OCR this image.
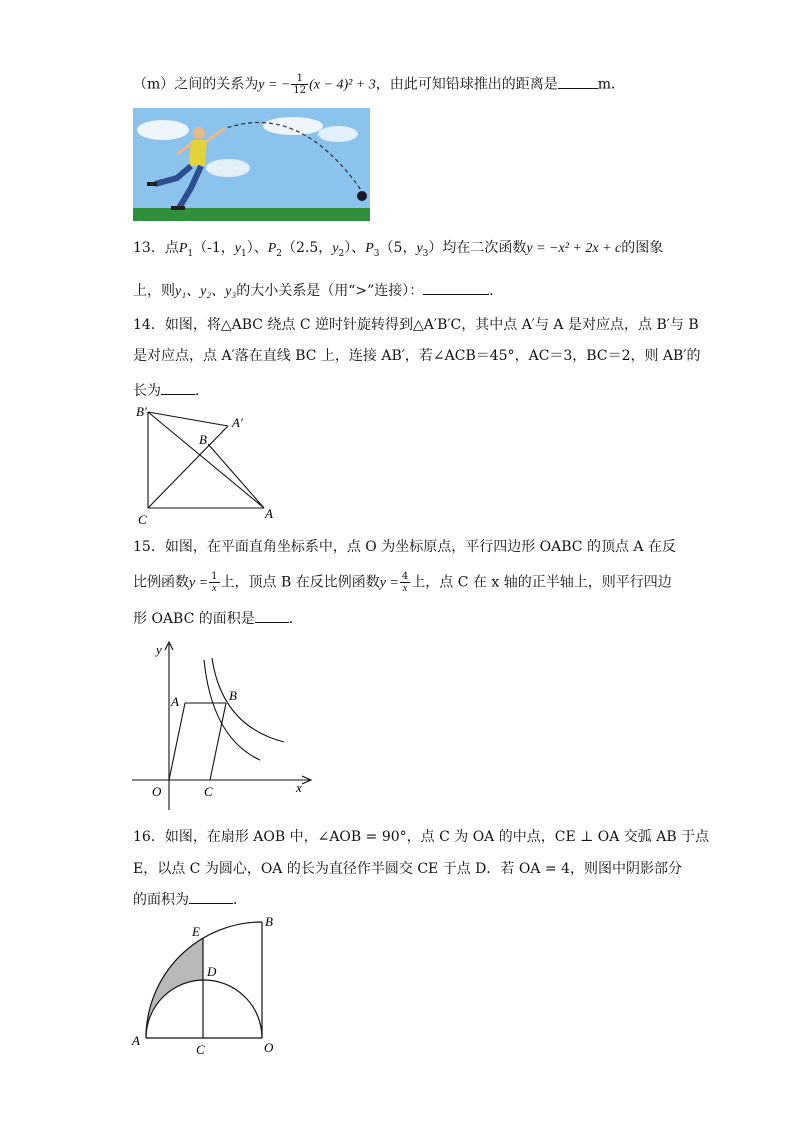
（m）之间的关系为y = − $\frac{1}{12} (x - 4)^2 + 3$，由此可知铅球推出的距离是	m．
13．点$P_1(-1$，$y_1$）、$P_2(2.5$，$y_2$）、$P_3(5$，$y_3$）均在二次函数y = −x² + 2x + c的图象
上，则y₁、y₂、y₃的大小关系是（用“>”连接）：	．
14．如图，将△ABC 绕点 C 逆时针旋转得到△A′B′C，其中点 A′与 A 是对应点，点 B′与 B
是对应点，点 A′落在直线 BC 上，连接 AB′，若∠ACB＝45°，AC＝3，BC＝2，则 AB′的
长为 ．
B′
A′
B
C	A
15．如图，在平面直角坐标系中，点 O 为坐标原点，平行四边形 OABC 的顶点 A 在反
比例函数$y = \frac{1}{x}$ 上，顶点 B 在反比例函数$y = \frac{4}{x}$ 上，点 C 在 x 轴的正半轴上，则平行四边
形 OABC 的面积是 ．
y
x
O
A	B
C
16．如图，在扇形 AOB 中，∠AOB = 90°，点 C 为 OA 的中点，CE ⊥ OA 交弧 AB 于点
E，以点 C 为圆心，OA 的长为直径作半圆交 CE 于点 D．若 OA = 4，则图中阴影部分
的面积为	．
E
B
D
A
C	O
